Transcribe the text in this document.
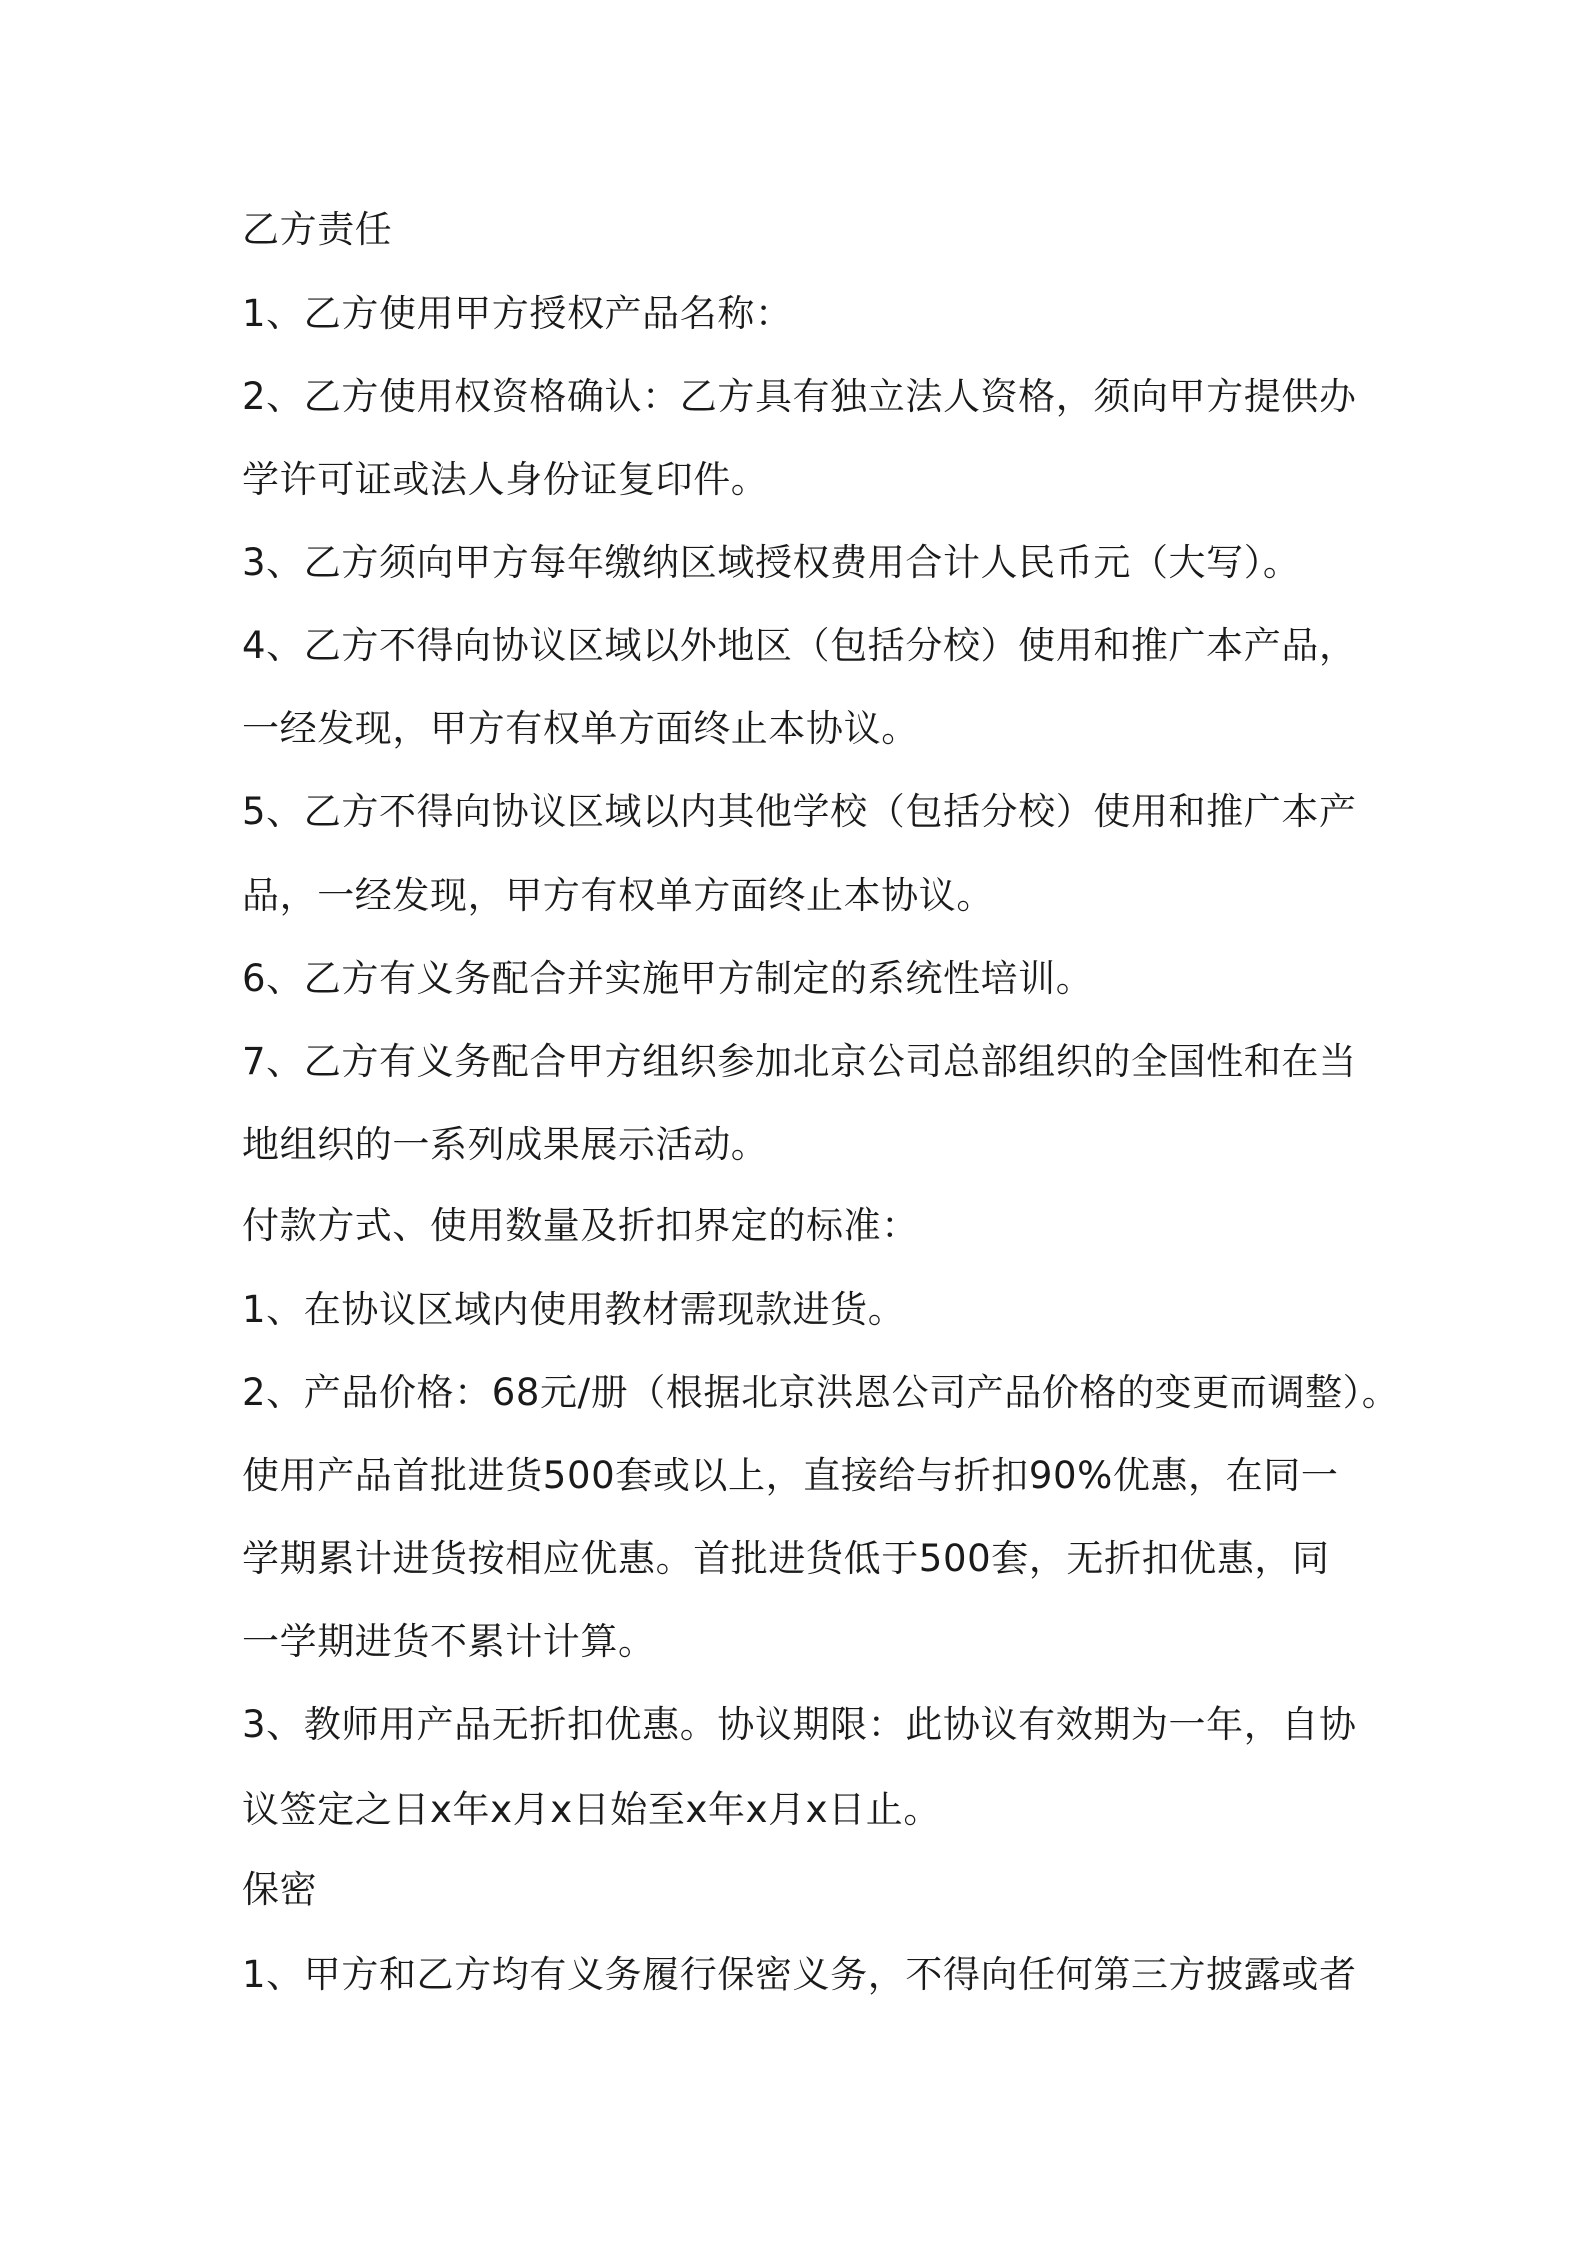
乙方责任
1、乙方使用甲方授权产品名称：
2、乙方使用权资格确认：乙方具有独立法人资格，须向甲方提供办
学许可证或法人身份证复印件。
3、乙方须向甲方每年缴纳区域授权费用合计人民币元（大写）。
4、乙方不得向协议区域以外地区（包括分校）使用和推广本产品，
一经发现，甲方有权单方面终止本协议。
5、乙方不得向协议区域以内其他学校（包括分校）使用和推广本产
品，一经发现，甲方有权单方面终止本协议。
6、乙方有义务配合并实施甲方制定的系统性培训。
7、乙方有义务配合甲方组织参加北京公司总部组织的全国性和在当
地组织的一系列成果展示活动。
付款方式、使用数量及折扣界定的标准：
1、在协议区域内使用教材需现款进货。
2、产品价格：68元/册（根据北京洪恩公司产品价格的变更而调整）。
使用产品首批进货500套或以上，直接给与折扣90%优惠，在同一
学期累计进货按相应优惠。首批进货低于500套，无折扣优惠，同
一学期进货不累计计算。
3、教师用产品无折扣优惠。协议期限：此协议有效期为一年，自协
议签定之日x年x月x日始至x年x月x日止。
保密
1、甲方和乙方均有义务履行保密义务，不得向任何第三方披露或者
